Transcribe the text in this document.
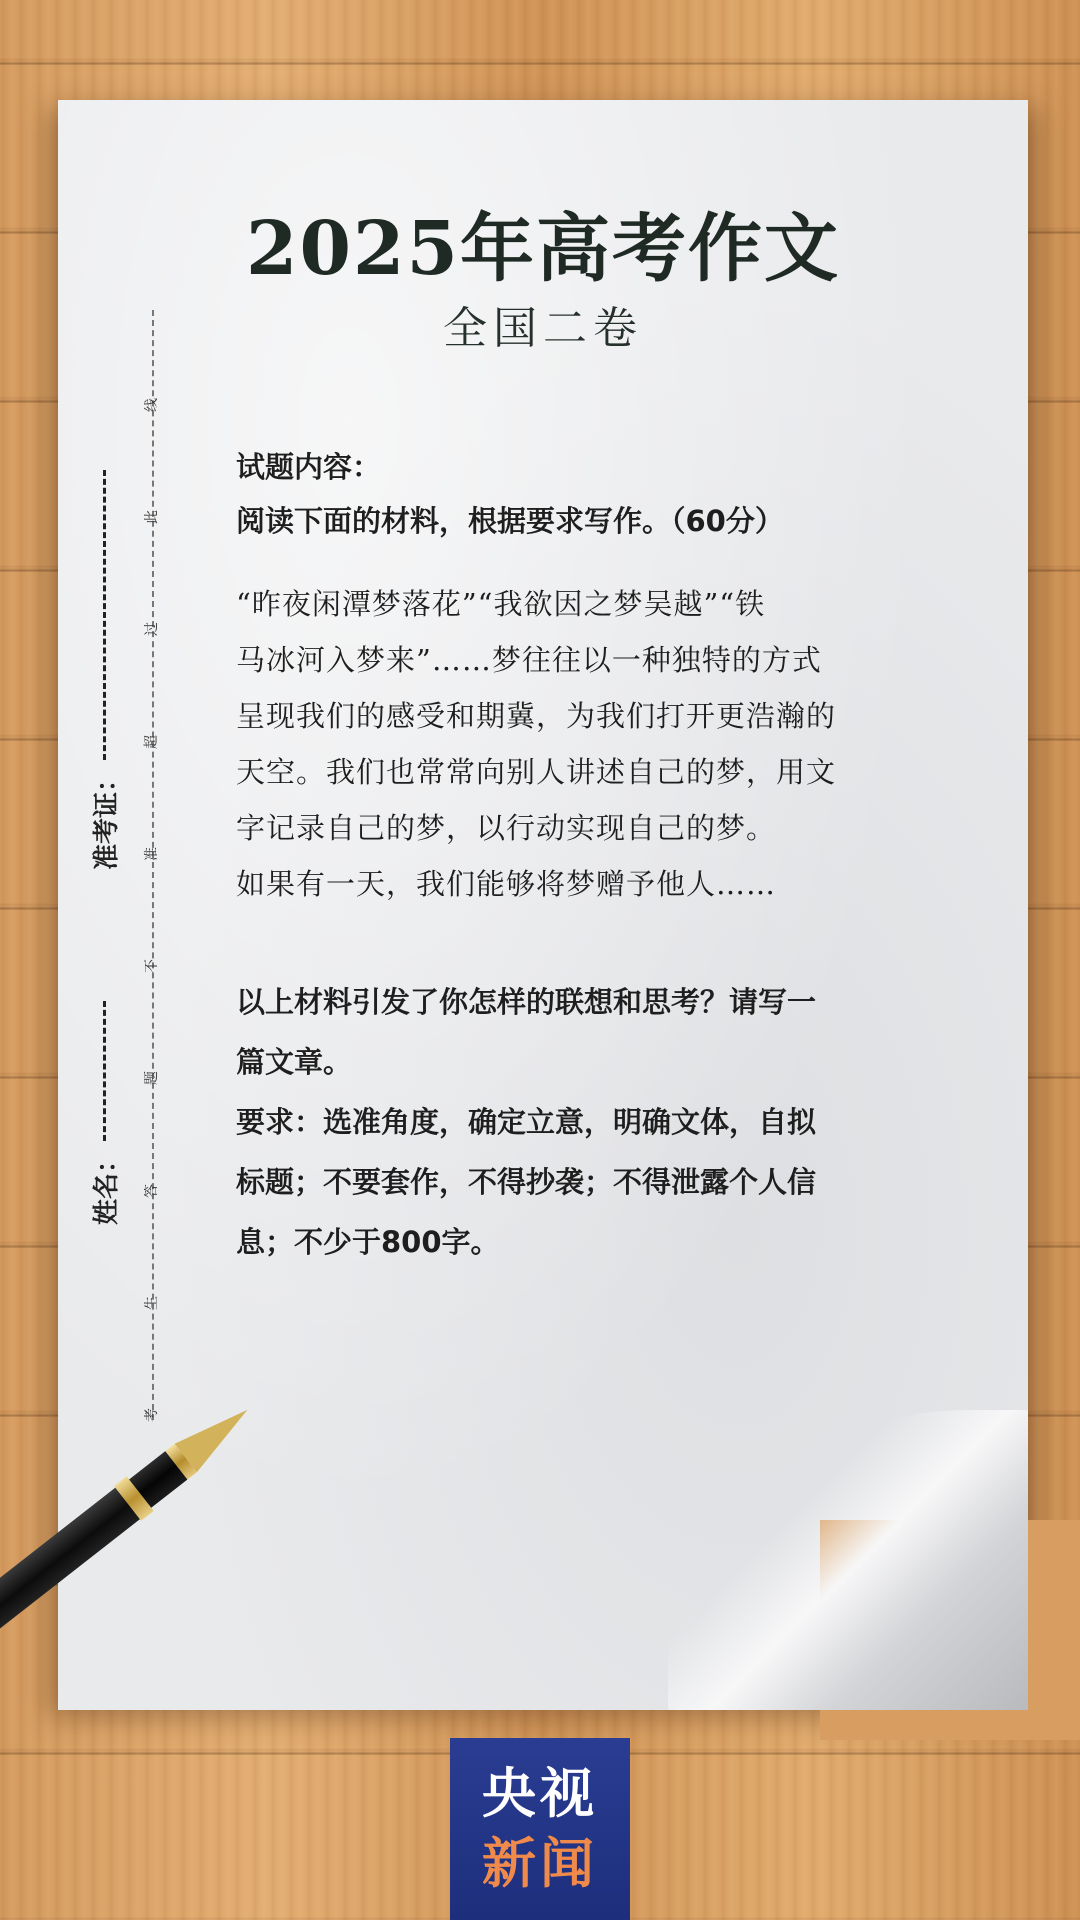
2025年高考作文
全国二卷
线
此
过
超
准
不
题
答
生
考
准考证：
姓名：
试题内容：
阅读下面的材料，根据要求写作。（60分）
“昨夜闲潭梦落花”“我欲因之梦吴越”“铁
马冰河入梦来”……梦往往以一种独特的方式
呈现我们的感受和期冀，为我们打开更浩瀚的
天空。我们也常常向别人讲述自己的梦，用文
字记录自己的梦，以行动实现自己的梦。
如果有一天，我们能够将梦赠予他人……
以上材料引发了你怎样的联想和思考？请写一
篇文章。
要求：选准角度，确定立意，明确文体，自拟
标题；不要套作，不得抄袭；不得泄露个人信
息；不少于800字。
央视
新闻
